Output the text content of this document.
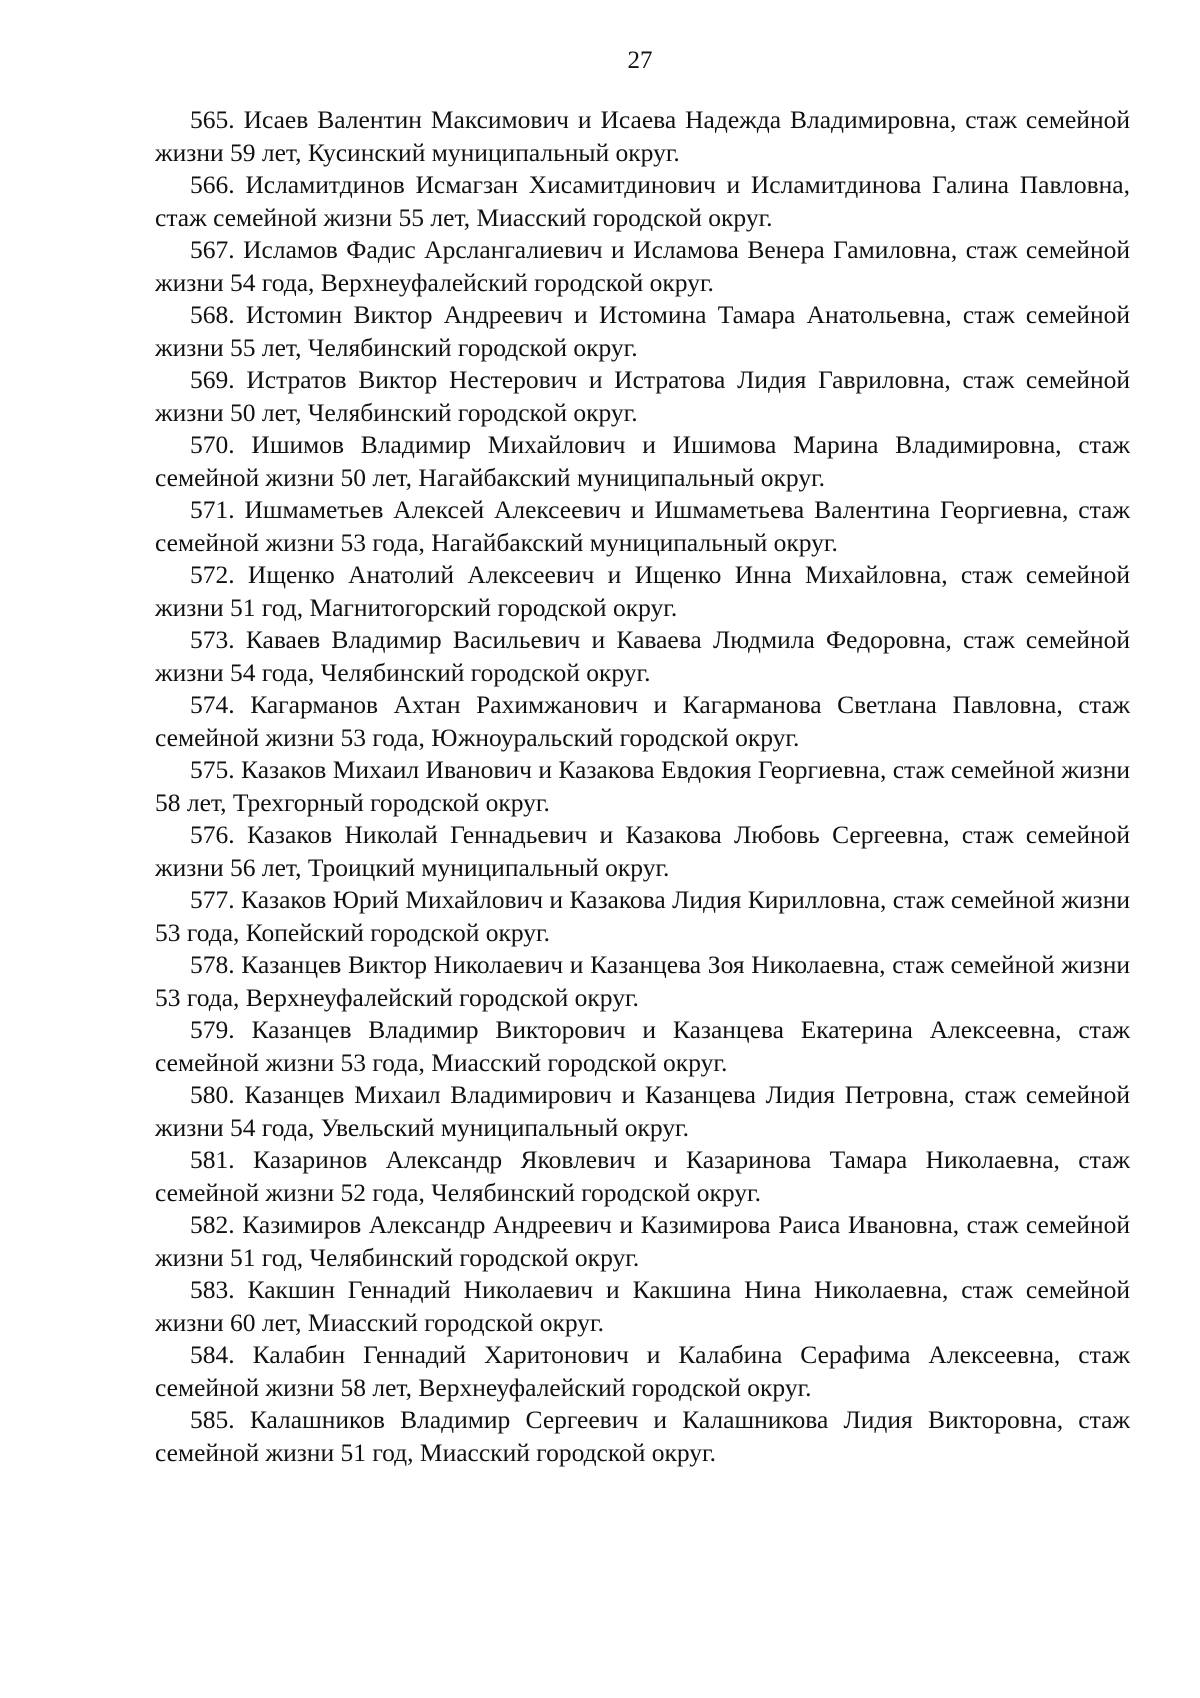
27

565. Исаев Валентин Максимович и Исаева Надежда Владимировна, стаж семейной жизни 59 лет, Кусинский муниципальный округ.

566. Исламитдинов Исмагзан Хисамитдинович и Исламитдинова Галина Павловна, стаж семейной жизни 55 лет, Миасский городской округ.

567. Исламов Фадис Арслангалиевич и Исламова Венера Гамиловна, стаж семейной жизни 54 года, Верхнеуфалейский городской округ.

568. Истомин Виктор Андреевич и Истомина Тамара Анатольевна, стаж семейной жизни 55 лет, Челябинский городской округ.

569. Истратов Виктор Нестерович и Истратова Лидия Гавриловна, стаж семейной жизни 50 лет, Челябинский городской округ.

570. Ишимов Владимир Михайлович и Ишимова Марина Владимировна, стаж семейной жизни 50 лет, Нагайбакский муниципальный округ.

571. Ишмаметьев Алексей Алексеевич и Ишмаметьева Валентина Георгиевна, стаж семейной жизни 53 года, Нагайбакский муниципальный округ.

572. Ищенко Анатолий Алексеевич и Ищенко Инна Михайловна, стаж семейной жизни 51 год, Магнитогорский городской округ.

573. Каваев Владимир Васильевич и Каваева Людмила Федоровна, стаж семейной жизни 54 года, Челябинский городской округ.

574. Кагарманов Ахтан Рахимжанович и Кагарманова Светлана Павловна, стаж семейной жизни 53 года, Южноуральский городской округ.

575. Казаков Михаил Иванович и Казакова Евдокия Георгиевна, стаж семейной жизни 58 лет, Трехгорный городской округ.

576. Казаков Николай Геннадьевич и Казакова Любовь Сергеевна, стаж семейной жизни 56 лет, Троицкий муниципальный округ.

577. Казаков Юрий Михайлович и Казакова Лидия Кирилловна, стаж семейной жизни 53 года, Копейский городской округ.

578. Казанцев Виктор Николаевич и Казанцева Зоя Николаевна, стаж семейной жизни 53 года, Верхнеуфалейский городской округ.

579. Казанцев Владимир Викторович и Казанцева Екатерина Алексеевна, стаж семейной жизни 53 года, Миасский городской округ.

580. Казанцев Михаил Владимирович и Казанцева Лидия Петровна, стаж семейной жизни 54 года, Увельский муниципальный округ.

581. Казаринов Александр Яковлевич и Казаринова Тамара Николаевна, стаж семейной жизни 52 года, Челябинский городской округ.

582. Казимиров Александр Андреевич и Казимирова Раиса Ивановна, стаж семейной жизни 51 год, Челябинский городской округ.

583. Какшин Геннадий Николаевич и Какшина Нина Николаевна, стаж семейной жизни 60 лет, Миасский городской округ.

584. Калабин Геннадий Харитонович и Калабина Серафима Алексеевна, стаж семейной жизни 58 лет, Верхнеуфалейский городской округ.

585. Калашников Владимир Сергеевич и Калашникова Лидия Викторовна, стаж семейной жизни 51 год, Миасский городской округ.
